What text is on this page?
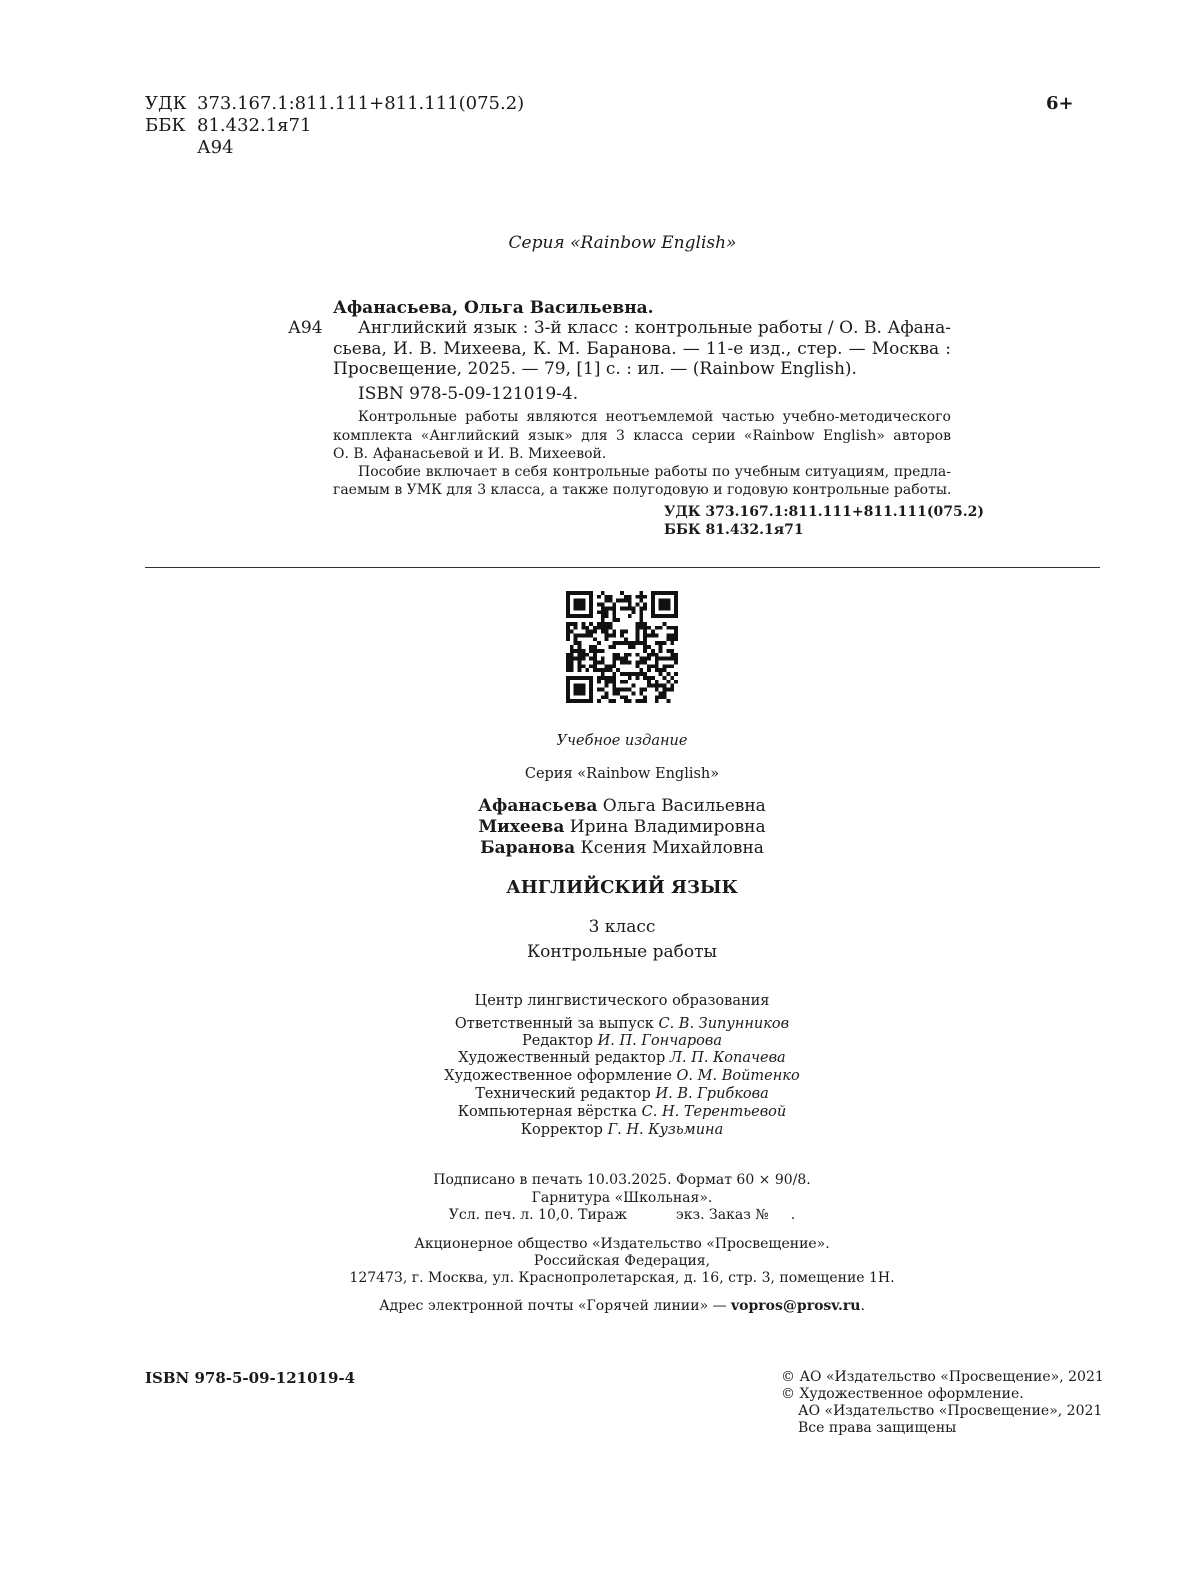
УДК 373.167.1:811.111+811.111(075.2)
ББК 81.432.1я71
А94
6+
Серия «Rainbow English»
Афанасьева, Ольга Васильевна.
А94 Английский язык : 3-й класс : контрольные работы / О. В. Афана-
сьева, И. В. Михеева, К. М. Баранова. — 11-е изд., стер. — Москва :
Просвещение, 2025. — 79, [1] с. : ил. — (Rainbow English).
ISBN 978-5-09-121019-4.
Контрольные работы являются неотъемлемой частью учебно-методического
комплекта «Английский язык» для 3 класса серии «Rainbow English» авторов
О. В. Афанасьевой и И. В. Михеевой.
Пособие включает в себя контрольные работы по учебным ситуациям, предла-
гаемым в УМК для 3 класса, а также полугодовую и годовую контрольные работы.
УДК 373.167.1:811.111+811.111(075.2)
ББК 81.432.1я71
Учебное издание
Серия «Rainbow English»
Афанасьева Ольга Васильевна
Михеева Ирина Владимировна
Баранова Ксения Михайловна
АНГЛИЙСКИЙ ЯЗЫК
3 класс
Контрольные работы
Центр лингвистического образования
Ответственный за выпуск С. В. Зипунников
Редактор И. П. Гончарова
Художественный редактор Л. П. Копачева
Художественное оформление О. М. Войтенко
Технический редактор И. В. Грибкова
Компьютерная вёрстка С. Н. Терентьевой
Корректор Г. Н. Кузьмина
Подписано в печать 10.03.2025. Формат 60 × 90/8.
Гарнитура «Школьная».
Усл. печ. л. 10,0. Тираж           экз. Заказ №     .
Акционерное общество «Издательство «Просвещение».
Российская Федерация,
127473, г. Москва, ул. Краснопролетарская, д. 16, стр. 3, помещение 1Н.
Адрес электронной почты «Горячей линии» — vopros@prosv.ru.
ISBN 978-5-09-121019-4	© АО «Издательство «Просвещение», 2021
© Художественное оформление.
АО «Издательство «Просвещение», 2021
Все права защищены
